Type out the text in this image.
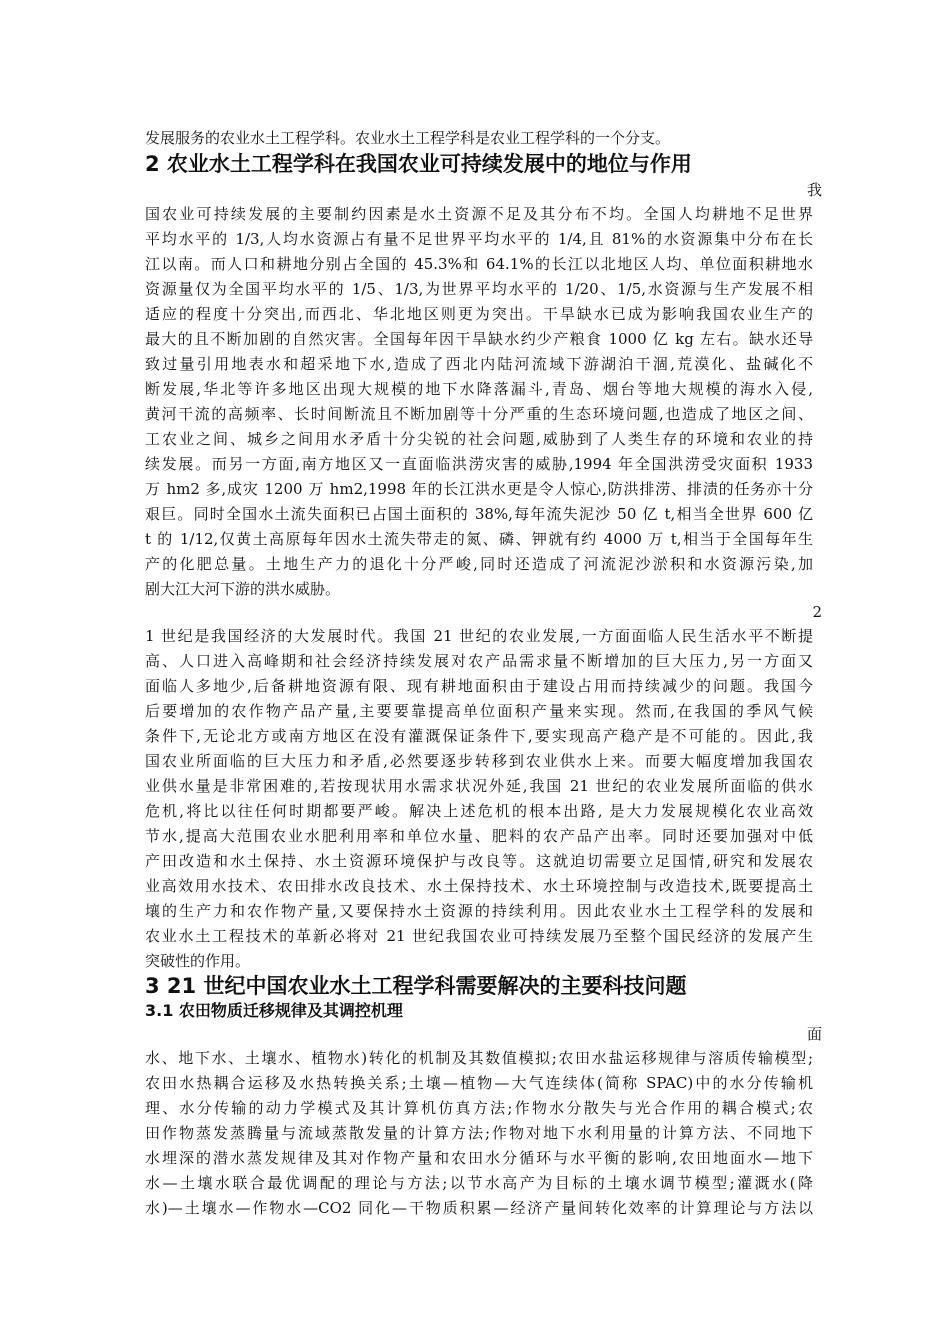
发展服务的农业水土工程学科。农业水土工程学科是农业工程学科的一个分支。
2 农业水土工程学科在我国农业可持续发展中的地位与作用
我
国农业可持续发展的主要制约因素是水土资源不足及其分布不均。全国人均耕地不足世界
平均水平的 1/3,人均水资源占有量不足世界平均水平的 1/4,且 81%的水资源集中分布在长
江以南。而人口和耕地分别占全国的 45.3%和 64.1%的长江以北地区人均、单位面积耕地水
资源量仅为全国平均水平的 1/5、1/3,为世界平均水平的 1/20、1/5,水资源与生产发展不相
适应的程度十分突出,而西北、华北地区则更为突出。干旱缺水已成为影响我国农业生产的
最大的且不断加剧的自然灾害。全国每年因干旱缺水约少产粮食 1000 亿 kg 左右。缺水还导
致过量引用地表水和超采地下水,造成了西北内陆河流域下游湖泊干涸,荒漠化、盐碱化不
断发展,华北等许多地区出现大规模的地下水降落漏斗,青岛、烟台等地大规模的海水入侵,
黄河干流的高频率、长时间断流且不断加剧等十分严重的生态环境问题,也造成了地区之间、
工农业之间、城乡之间用水矛盾十分尖锐的社会问题,威胁到了人类生存的环境和农业的持
续发展。而另一方面,南方地区又一直面临洪涝灾害的威胁,1994 年全国洪涝受灾面积 1933
万 hm2 多,成灾 1200 万 hm2,1998 年的长江洪水更是令人惊心,防洪排涝、排渍的任务亦十分
艰巨。同时全国水土流失面积已占国土面积的 38%,每年流失泥沙 50 亿 t,相当全世界 600 亿
t 的 1/12,仅黄土高原每年因水土流失带走的氮、磷、钾就有约 4000 万 t,相当于全国每年生
产的化肥总量。土地生产力的退化十分严峻,同时还造成了河流泥沙淤积和水资源污染,加
剧大江大河下游的洪水威胁。
2
1 世纪是我国经济的大发展时代。我国 21 世纪的农业发展,一方面面临人民生活水平不断提
高、人口进入高峰期和社会经济持续发展对农产品需求量不断增加的巨大压力,另一方面又
面临人多地少,后备耕地资源有限、现有耕地面积由于建设占用而持续减少的问题。我国今
后要增加的农作物产品产量,主要要靠提高单位面积产量来实现。然而,在我国的季风气候
条件下,无论北方或南方地区在没有灌溉保证条件下,要实现高产稳产是不可能的。因此,我
国农业所面临的巨大压力和矛盾,必然要逐步转移到农业供水上来。而要大幅度增加我国农
业供水量是非常困难的,若按现状用水需求状况外延,我国 21 世纪的农业发展所面临的供水
危机,将比以往任何时期都要严峻。解决上述危机的根本出路, 是大力发展规模化农业高效
节水,提高大范围农业水肥利用率和单位水量、肥料的农产品产出率。同时还要加强对中低
产田改造和水土保持、水土资源环境保护与改良等。这就迫切需要立足国情,研究和发展农
业高效用水技术、农田排水改良技术、水土保持技术、水土环境控制与改造技术,既要提高土
壤的生产力和农作物产量,又要保持水土资源的持续利用。因此农业水土工程学科的发展和
农业水土工程技术的革新必将对 21 世纪我国农业可持续发展乃至整个国民经济的发展产生
突破性的作用。
3 21 世纪中国农业水土工程学科需要解决的主要科技问题
3.1 农田物质迁移规律及其调控机理
面
水、地下水、土壤水、植物水)转化的机制及其数值模拟;农田水盐运移规律与溶质传输模型;
农田水热耦合运移及水热转换关系;土壤—植物—大气连续体(简称 SPAC)中的水分传输机
理、水分传输的动力学模式及其计算机仿真方法;作物水分散失与光合作用的耦合模式;农
田作物蒸发蒸腾量与流域蒸散发量的计算方法;作物对地下水利用量的计算方法、不同地下
水埋深的潜水蒸发规律及其对作物产量和农田水分循环与水平衡的影响,农田地面水—地下
水—土壤水联合最优调配的理论与方法;以节水高产为目标的土壤水调节模型;灌溉水(降
水)—土壤水—作物水—CO2 同化—干物质积累—经济产量间转化效率的计算理论与方法以
